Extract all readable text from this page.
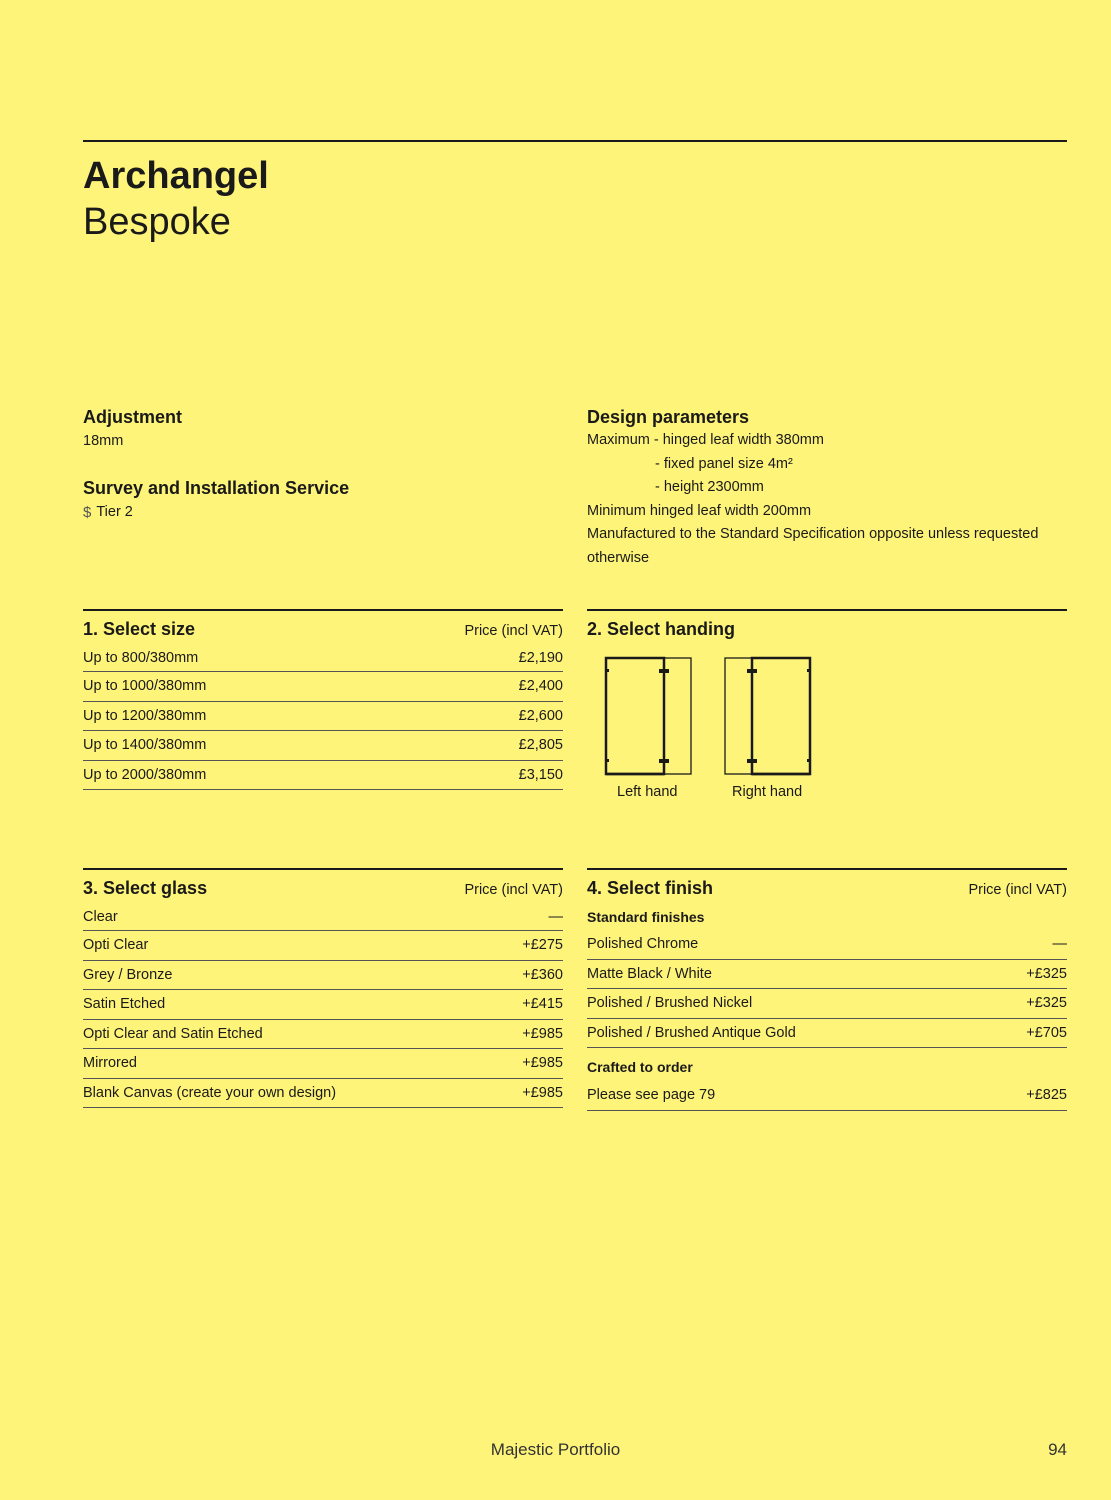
Archangel
Bespoke
Adjustment
18mm
Survey and Installation Service
$ Tier 2
Design parameters
Maximum - hinged leaf width 380mm
- fixed panel size 4m²
- height 2300mm
Minimum hinged leaf width 200mm
Manufactured to the Standard Specification opposite unless requested otherwise
1. Select size	Price (incl VAT)
Up to 800/380mm	£2,190
Up to 1000/380mm	£2,400
Up to 1200/380mm	£2,600
Up to 1400/380mm	£2,805
Up to 2000/380mm	£3,150
2. Select handing
Left hand	Right hand
3. Select glass	Price (incl VAT)
Clear	—
Opti Clear	+£275
Grey / Bronze	+£360
Satin Etched	+£415
Opti Clear and Satin Etched	+£985
Mirrored	+£985
Blank Canvas (create your own design)	+£985
4. Select finish	Price (incl VAT)
Standard finishes
Polished Chrome	—
Matte Black / White	+£325
Polished / Brushed Nickel	+£325
Polished / Brushed Antique Gold	+£705
Crafted to order
Please see page 79	+£825
Majestic Portfolio	94
